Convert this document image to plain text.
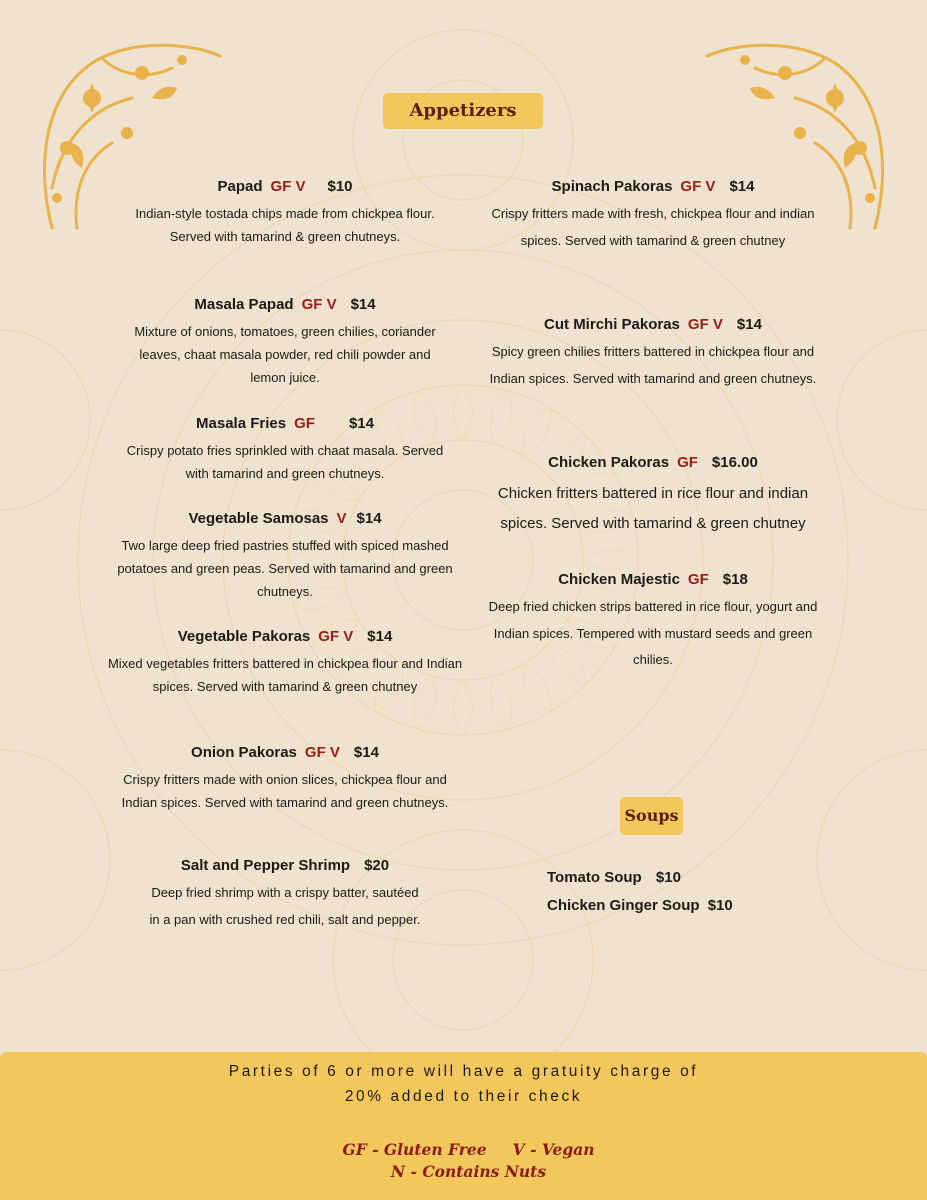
Appetizers
Soups
Papad GF V $10
Indian-style tostada chips made from chickpea flour. Served with tamarind & green chutneys.
Masala Papad GF V $14
Mixture of onions, tomatoes, green chilies, coriander leaves, chaat masala powder, red chili powder and lemon juice.
Masala Fries GF $14
Crispy potato fries sprinkled with chaat masala. Served with tamarind and green chutneys.
Vegetable Samosas V $14
Two large deep fried pastries stuffed with spiced mashed potatoes and green peas. Served with tamarind and green chutneys.
Vegetable Pakoras GF V $14
Mixed vegetables fritters battered in chickpea flour and Indian spices. Served with tamarind & green chutney
Onion Pakoras GF V $14
Crispy fritters made with onion slices, chickpea flour and Indian spices. Served with tamarind and green chutneys.
Salt and Pepper Shrimp $20
Deep fried shrimp with a crispy batter, sautéed in a pan with crushed red chili, salt and pepper.
Spinach Pakoras GF V $14
Crispy fritters made with fresh, chickpea flour and indian spices. Served with tamarind & green chutney
Cut Mirchi Pakoras GF V $14
Spicy green chilies fritters battered in chickpea flour and Indian spices. Served with tamarind and green chutneys.
Chicken Pakoras GF $16.00
Chicken fritters battered in rice flour and indian spices. Served with tamarind & green chutney
Chicken Majestic GF $18
Deep fried chicken strips battered in rice flour, yogurt and Indian spices. Tempered with mustard seeds and green chilies.
Tomato Soup $10
Chicken Ginger Soup $10
Parties of 6 or more will have a gratuity charge of
20% added to their check
GF - Gluten Free V - Vegan
N - Contains Nuts
